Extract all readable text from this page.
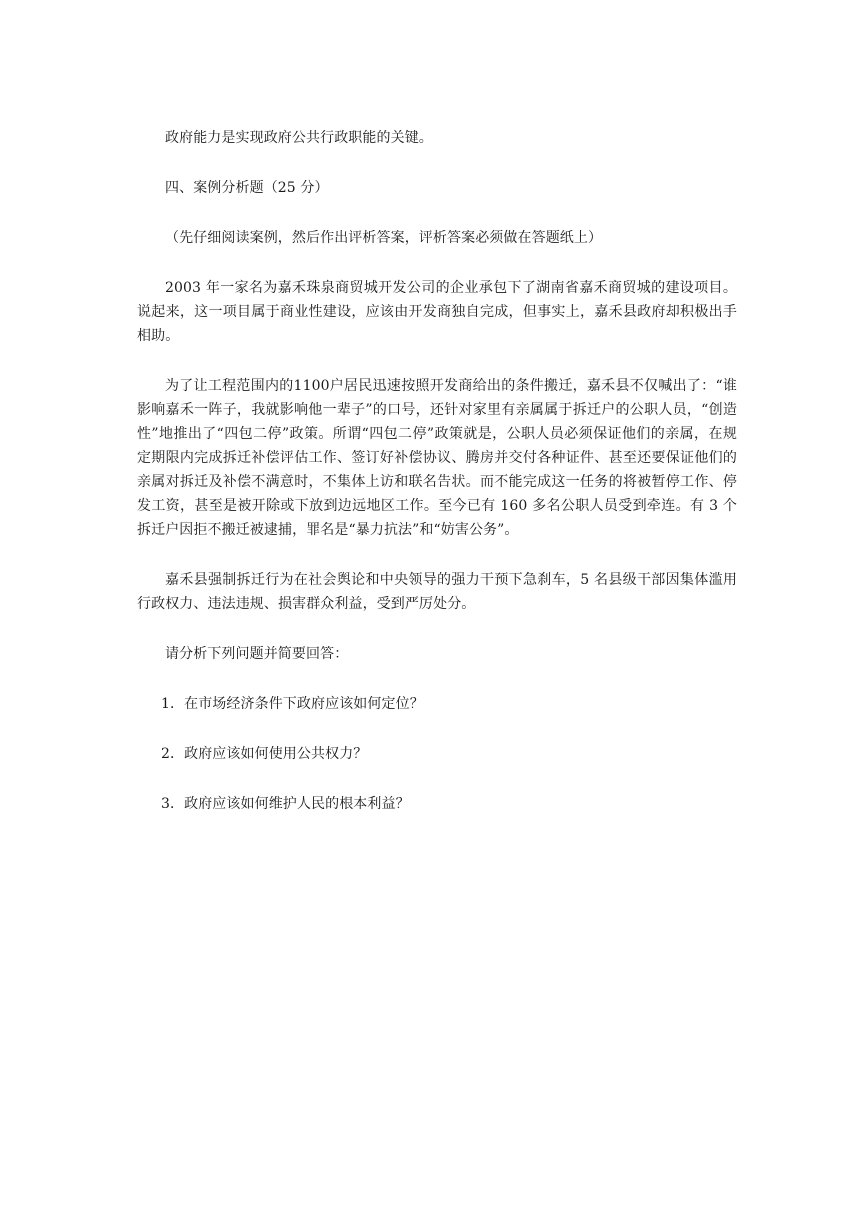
政府能力是实现政府公共行政职能的关键。

四、案例分析题（25 分）

（先仔细阅读案例，然后作出评析答案，评析答案必须做在答题纸上）

2003 年一家名为嘉禾珠泉商贸城开发公司的企业承包下了湖南省嘉禾商贸城的建设项目。说起来，这一项目属于商业性建设，应该由开发商独自完成，但事实上，嘉禾县政府却积极出手相助。

为了让工程范围内的1100户居民迅速按照开发商给出的条件搬迁，嘉禾县不仅喊出了：“谁影响嘉禾一阵子，我就影响他一辈子”的口号，还针对家里有亲属属于拆迁户的公职人员，“创造性”地推出了“四包二停”政策。所谓“四包二停”政策就是，公职人员必须保证他们的亲属，在规定期限内完成拆迁补偿评估工作、签订好补偿协议、腾房并交付各种证件、甚至还要保证他们的亲属对拆迁及补偿不满意时，不集体上访和联名告状。而不能完成这一任务的将被暂停工作、停发工资，甚至是被开除或下放到边远地区工作。至今已有 160 多名公职人员受到牵连。有 3 个拆迁户因拒不搬迁被逮捕，罪名是“暴力抗法”和“妨害公务”。

嘉禾县强制拆迁行为在社会舆论和中央领导的强力干预下急刹车，5 名县级干部因集体滥用行政权力、违法违规、损害群众利益，受到严厉处分。

请分析下列问题并简要回答：

1．在市场经济条件下政府应该如何定位？

2．政府应该如何使用公共权力？

3．政府应该如何维护人民的根本利益？
